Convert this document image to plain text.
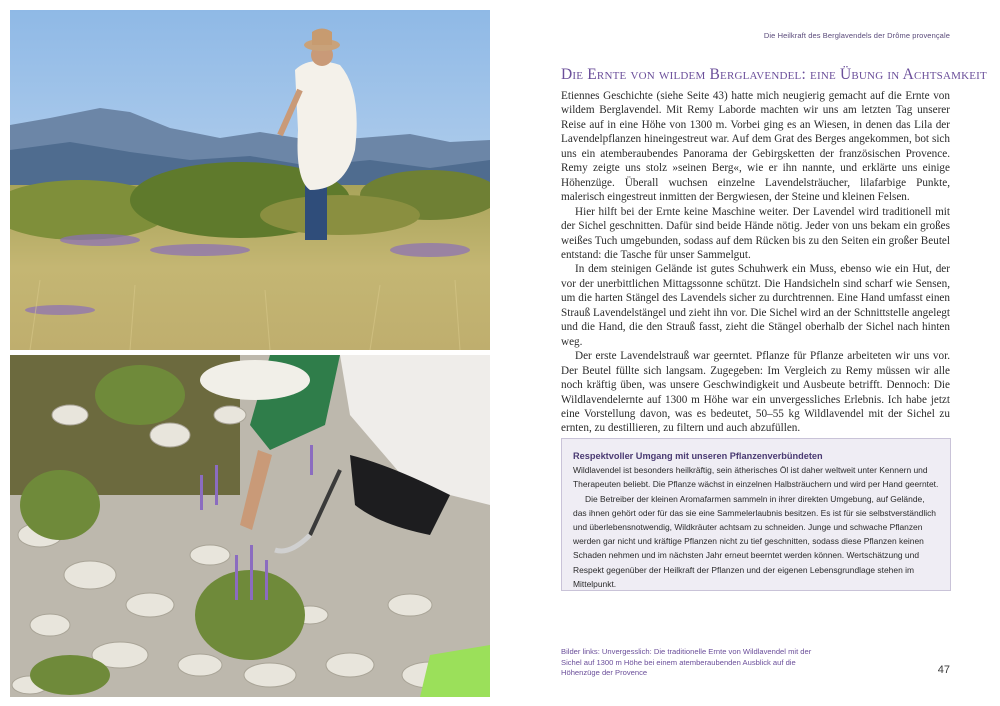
Die Heilkraft des Berglavendels der Drôme provençale
Die Ernte von wildem Berglavendel: eine Übung in Achtsamkeit

Etiennes Geschichte (siehe Seite 43) hatte mich neugierig gemacht auf die Ernte von wildem Berglavendel. Mit Remy Laborde machten wir uns am letzten Tag unserer Reise auf in eine Höhe von 1300 m. Vorbei ging es an Wiesen, in denen das Lila der Lavendelpflanzen hineingestreut war. Auf dem Grat des Berges angekommen, bot sich uns ein atemberaubendes Panorama der Gebirgsketten der französischen Provence. Remy zeigte uns stolz »seinen Berg«, wie er ihn nannte, und erklärte uns einige Höhenzüge. Überall wuchsen einzelne Lavendelsträucher, lilafarbige Punkte, malerisch eingestreut inmitten der Bergwiesen, der Steine und kleinen Felsen.

Hier hilft bei der Ernte keine Maschine weiter. Der Lavendel wird traditionell mit der Sichel geschnitten. Dafür sind beide Hände nötig. Jeder von uns bekam ein großes weißes Tuch umgebunden, sodass auf dem Rücken bis zu den Seiten ein großer Beutel entstand: die Tasche für unser Sammelgut.

In dem steinigen Gelände ist gutes Schuhwerk ein Muss, ebenso wie ein Hut, der vor der unerbittlichen Mittagssonne schützt. Die Handsicheln sind scharf wie Sensen, um die harten Stängel des Lavendels sicher zu durchtrennen. Eine Hand umfasst einen Strauß Lavendelstängel und zieht ihn vor. Die Sichel wird an der Schnittstelle angelegt und die Hand, die den Strauß fasst, zieht die Stängel oberhalb der Sichel nach hinten weg.

Der erste Lavendelstrauß war geerntet. Pflanze für Pflanze arbeiteten wir uns vor. Der Beutel füllte sich langsam. Zugegeben: Im Vergleich zu Remy müssen wir alle noch kräftig üben, was unsere Geschwindigkeit und Ausbeute betrifft. Dennoch: Die Wildlavendelernte auf 1300 m Höhe war ein unvergessliches Erlebnis. Ich habe jetzt eine Vorstellung davon, was es bedeutet, 50–55 kg Wildlavendel mit der Sichel zu ernten, zu destillieren, zu filtern und auch abzufüllen.

Respektvoller Umgang mit unseren Pflanzenverbündeten

Wildlavendel ist besonders heilkräftig, sein ätherisches Öl ist daher weltweit unter Kennern und Therapeuten beliebt. Die Pflanze wächst in einzelnen Halbsträuchern und wird per Hand geerntet.

Die Betreiber der kleinen Aromafarmen sammeln in ihrer direkten Umgebung, auf Gelände, das ihnen gehört oder für das sie eine Sammelerlaubnis besitzen. Es ist für sie selbstverständlich und überlebensnotwendig, Wildkräuter achtsam zu schneiden. Junge und schwache Pflanzen werden gar nicht und kräftige Pflanzen nicht zu tief geschnitten, sodass diese Pflanzen keinen Schaden nehmen und im nächsten Jahr erneut beerntet werden können. Wertschätzung und Respekt gegenüber der Heilkraft der Pflanzen und der eigenen Lebensgrundlage stehen im Mittelpunkt.

Bilder links: Unvergesslich: Die traditionelle Ernte von Wildlavendel mit der Sichel auf 1300 m Höhe bei einem atemberaubenden Ausblick auf die Höhenzüge der Provence	47
